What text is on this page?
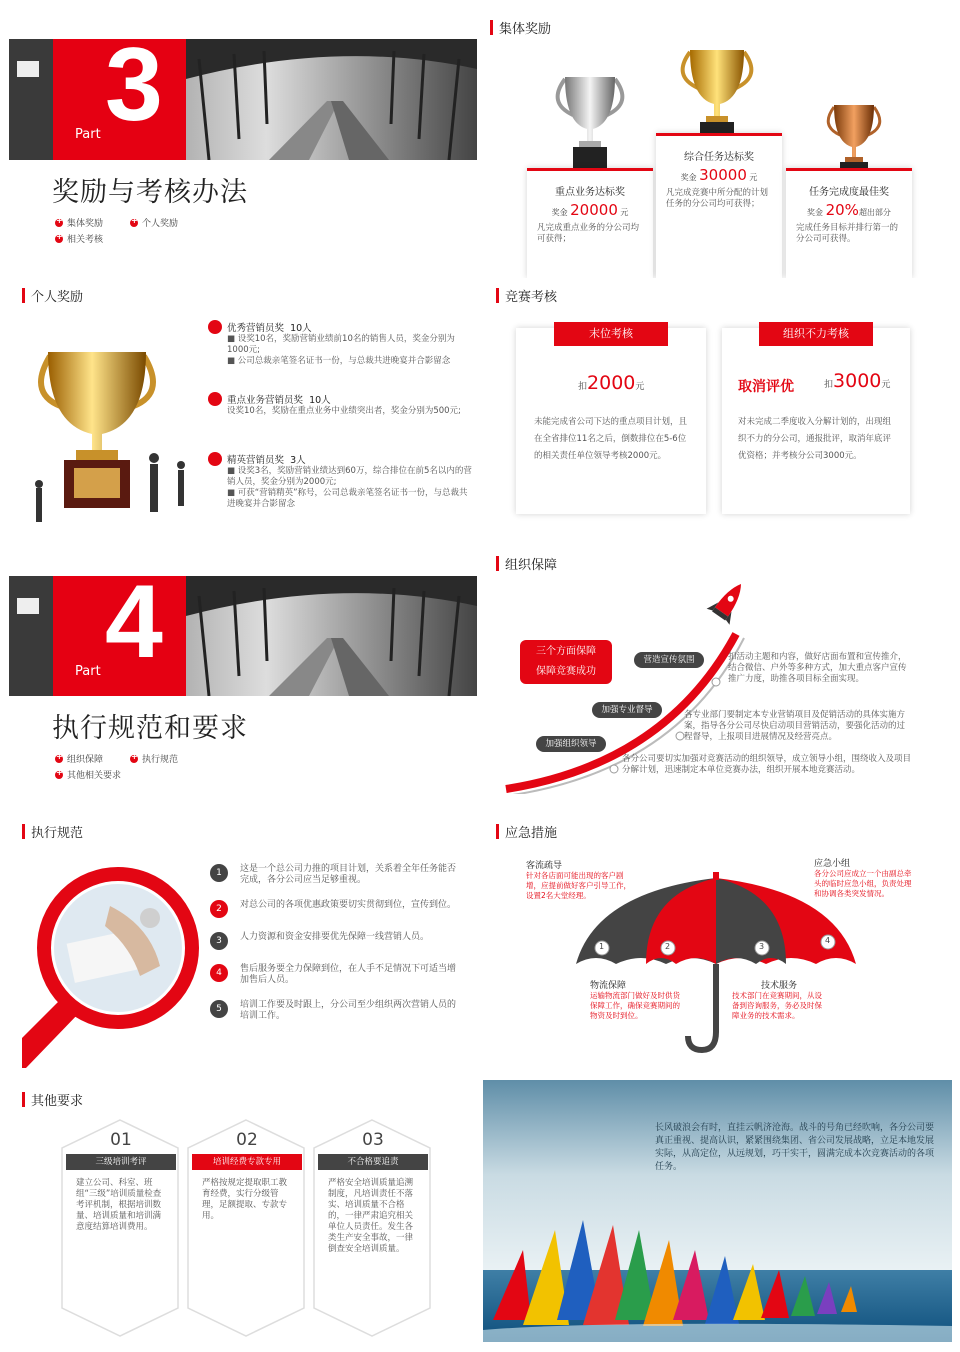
3
Part
奖励与考核办法
+
集体奖励 +	个人奖励
+
相关考核
集体奖励
重点业务达标奖
奖金 20000 元
凡完成重点业务的分公司均可获得；
综合任务达标奖
奖金 30000 元
凡完成竞赛中所分配的计划任务的分公司均可获得；
任务完成度最佳奖
奖金 20%超出部分
完成任务目标并排行第一的分公司可获得。
个人奖励
优秀营销员奖
10人
■ 设奖10名，奖励营销业绩前10名的销售人员，奖金分别为1000元;
■ 公司总裁亲笔签名证书一份，与总裁共进晚宴并合影留念
重点业务营销员奖
10人
设奖10名，奖励在重点业务中业绩突出者，奖金分别为500元;
精英营销员奖
3人
■ 设奖3名，奖励营销业绩达到60万，综合排位在前5名以内的营销人员，奖金分别为2000元;
■ 可获“营销精英”称号，公司总裁亲笔签名证书一份，与总裁共进晚宴并合影留念
竞赛考核
末位考核
扣2000元
未能完成省公司下达的重点项目计划，且在全省排位11名之后，倒数排位在5-6位的相关责任单位领导考核2000元。
组织不力考核
取消评优	扣3000元
对未完成二季度收入分解计划的，出现组织不力的分公司，通报批评，取消年底评优资格；并考核分公司3000元。
4
Part
执行规范和要求
+
组织保障 +	执行规范
+
其他相关要求
组织保障
三个方面保障
保障竞赛成功
营造宣传氛围
加强专业督导
加强组织领导
扣活动主题和内容，做好店面布置和宣传推介，结合微信、户外等多种方式，加大重点客户宣传推广力度，助推各项目标全面实现。
各专业部门要制定本专业营销项目及促销活动的具体实施方案，指导各分公司尽快启动项目营销活动，要强化活动的过程督导，上报项目进展情况及经营亮点。
各分公司要切实加强对竞赛活动的组织领导，成立领导小组，围绕收入及项目分解计划，迅速制定本单位竞赛办法，组织开展本地竞赛活动。
执行规范
1	这是一个总公司力推的项目计划，关系着全年任务能否完成，各分公司应当足够重视。
2	对总公司的各项优惠政策要切实贯彻到位，宣传到位。
3	人力资源和资金安排要优先保障一线营销人员。
4	售后服务要全力保障到位，在人手不足情况下可适当增加售后人员。
5	培训工作要及时跟上，分公司至少组织两次营销人员的培训工作。
应急措施
1	2	3
4
客流疏导
针对各店面可能出现的客户剧增，应提前做好客户引导工作，设置2名大堂经理。
物流保障
运输物流部门做好及时供货保障工作，确保竞赛期间的物资及时到位。
技术服务
技术部门在竞赛期间，从设备到咨询服务，务必及时保障业务的技术需求。
应急小组
各分公司应成立一个由副总牵头的临时应急小组，负责处理和协调各类突发情况。
其他要求
01
三级培训考评
建立公司、科室、班组“三级”培训质量检查考评机制，根据培训数量、培训质量和培训满意度结算培训费用。
02
培训经费专款专用
严格按规定提取职工教育经费，实行分级管理，足额提取、专款专用。
03
不合格要追责
严格安全培训质量追溯制度，凡培训责任不落实、培训质量不合格的，一律严肃追究相关单位人员责任。发生各类生产安全事故，一律倒查安全培训质量。
长风破浪会有时，直挂云帆济沧海。战斗的号角已经吹响，各分公司要真正重视、提高认识，紧紧围绕集团、省公司发展战略，立足本地发展实际，从高定位，从远规划，巧干实干，圆满完成本次竞赛活动的各项任务。
